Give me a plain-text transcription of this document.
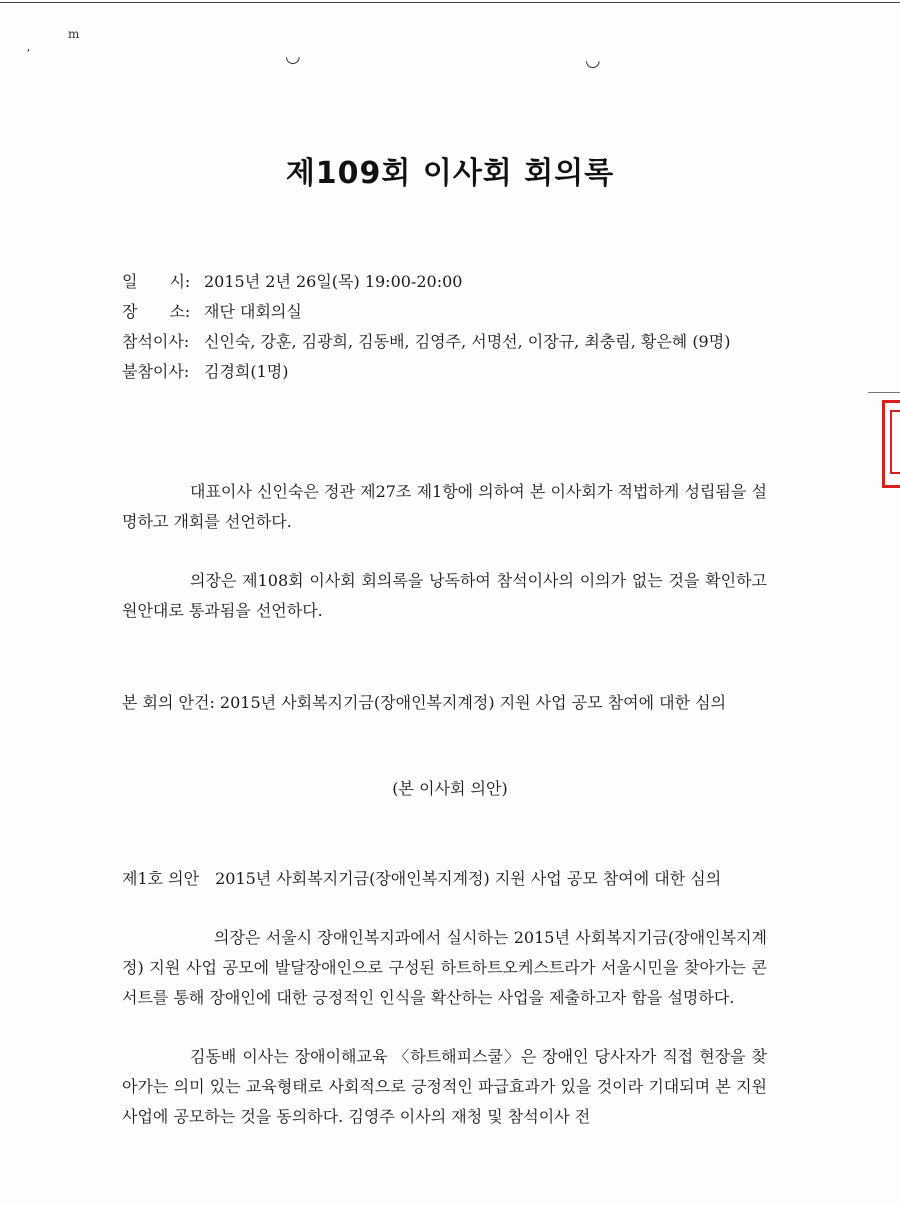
ⅿ
ʼ	◡	◡
제109회 이사회 회의록
일　　시: 2015년 2년 26일(목) 19:00-20:00
장　　소: 재단 대회의실
참석이사: 신인숙, 강훈, 김광희, 김동배, 김영주, 서명선, 이장규, 최충림, 황은혜 (9명)
불참이사: 김경희(1명)
대표이사 신인숙은 정관 제27조 제1항에 의하여 본 이사회가 적법하게 성립됨을 설명하고 개회를 선언하다.
의장은 제108회 이사회 회의록을 낭독하여 참석이사의 이의가 없는 것을 확인하고 원안대로 통과됨을 선언하다.
본 회의 안건: 2015년 사회복지기금(장애인복지계정) 지원 사업 공모 참여에 대한 심의
(본 이사회 의안)
제1호 의안　2015년 사회복지기금(장애인복지계정) 지원 사업 공모 참여에 대한 심의
의장은 서울시 장애인복지과에서 실시하는 2015년 사회복지기금(장애인복지계정) 지원 사업 공모에 발달장애인으로 구성된 하트하트오케스트라가 서울시민을 찾아가는 콘서트를 통해 장애인에 대한 긍정적인 인식을 확산하는 사업을 제출하고자 함을 설명하다.
김동배 이사는 장애이해교육 〈하트해피스쿨〉은 장애인 당사자가 직접 현장을 찾아가는 의미 있는 교육형태로 사회적으로 긍정적인 파급효과가 있을 것이라 기대되며 본 지원 사업에 공모하는 것을 동의하다. 김영주 이사의 재청 및 참석이사 전
